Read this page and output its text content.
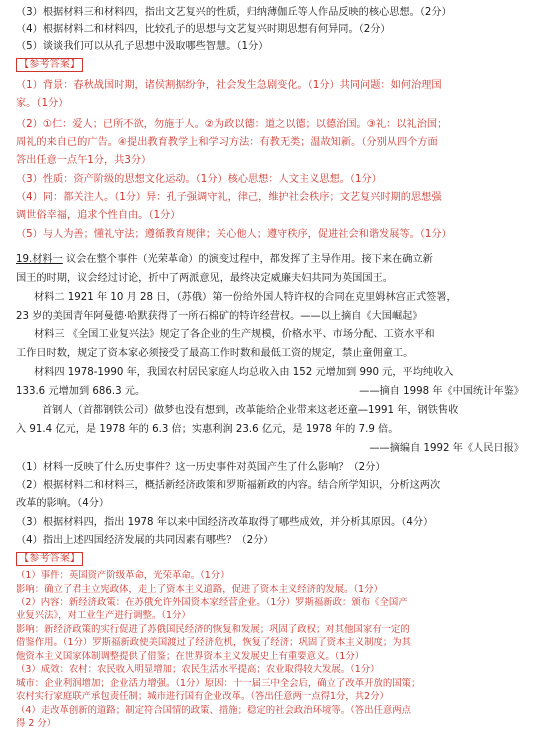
（3）根据材料三和材料四，指出文艺复兴的性质，归纳薄伽丘等人作品反映的核心思想。（2分）
（4）根据材料二和材料四，比较孔子的思想与文艺复兴时期思想有何异同。（2分）
（5）谈谈我们可以从孔子思想中汲取哪些智慧。（1分）
【参考答案】
（1）背景：春秋战国时期，诸侯割据纷争，社会发生急剧变化。（1分）共同问题：如何治理国
家。（1分）
（2）①仁：爱人；已所不欲，勿施于人。②为政以德：道之以德；以德治国。③礼：以礼治国；
周礼的来自已的广告。④提出教育教学上和学习方法：有教无类；温故知新。（分别从四个方面
答出任意一点午1分，共3分）
（3）性质：资产阶级的思想文化运动。（1分）核心思想：人文主义思想。（1分）
（4）同：都关注人。（1分）异：孔子强调守礼，律己，维护社会秩序；文艺复兴时期的思想强
调世俗幸福，追求个性自由。（1分）
（5）与人为善；懂礼守法；遵循教育规律；关心他人；遵守秩序，促进社会和谐发展等。（1分）
19.材料一 议会在整个事件（光荣革命）的演变过程中，都发挥了主导作用。接下来在确立新
国王的时期，议会经过讨论，折中了两派意见，最终决定威廉夫妇共同为英国国王。
材料二 1921 年 10 月 28 日，（苏俄）第一份给外国人特许权的合同在克里姆林宫正式签署，
23 岁的美国青年阿曼德·哈默获得了一所石棉矿的特许经营权。——以上摘自《大国崛起》
材料三 《全国工业复兴法》规定了各企业的生产规模，价格水平、市场分配、工资水平和
工作日时数，规定了资本家必须接受了最高工作时数和最低工资的规定，禁止童佣童工。
材料四 1978-1990 年，我国农村居民家庭人均总收入由 152 元增加到 990 元，平均纯收入
133.6 元增加到 686.3 元。	——摘自 1998 年《中国统计年鉴》
首钢人（首都钢铁公司）做梦也没有想到，改革能给企业带来这老还童—1991 年，钢铁售收
入 91.4 亿元，是 1978 年的 6.3 倍；实惠利润 23.6 亿元，是 1978 年的 7.9 倍。
——摘编自 1992 年《人民日报》
（1）材料一反映了什么历史事件？这一历史事件对英国产生了什么影响？（2分）
（2）根据材料二和材料三，概括新经济政策和罗斯福新政的内容。结合所学知识，分析这两次
改革的影响。（4分）
（3）根据材料四，指出 1978 年以来中国经济改革取得了哪些成效，并分析其原因。（4分）
（4）指出上述四国经济发展的共同因素有哪些？（2分）
【参考答案】
（1）事件：英国资产阶级革命，光荣革命。（1分）
影响：确立了君主立宪政体，走上了资本主义道路，促进了资本主义经济的发展。（1分）
（2）内容：新经济政策：在苏俄允许外国资本家经营企业。（1分）罗斯福新政：颁布《全国产
业复兴法》，对工业生产进行调整。（1分）
影响：新经济政策的实行促进了苏俄国民经济的恢复和发展；巩固了政权；对其他国家有一定的
借鉴作用。（1分）罗斯福新政使美国渡过了经济危机，恢复了经济；巩固了资本主义制度；为其
他资本主义国家体制调整提供了借鉴；在世界资本主义发展史上有重要意义。（1分）
（3）成效：农村：农民收入明显增加；农民生活水平提高；农业取得较大发展。（1分）
城市：企业利润增加；企业活力增强。（1分）原因：十一届三中全会后，确立了改革开放的国策；
农村实行家庭联产承包责任制；城市进行国有企业改革。（答出任意两一点得1分，共2分）
（4）走改革创新的道路；制定符合国情的政策、措施；稳定的社会政治环境等。（答出任意两点
得 2 分）
